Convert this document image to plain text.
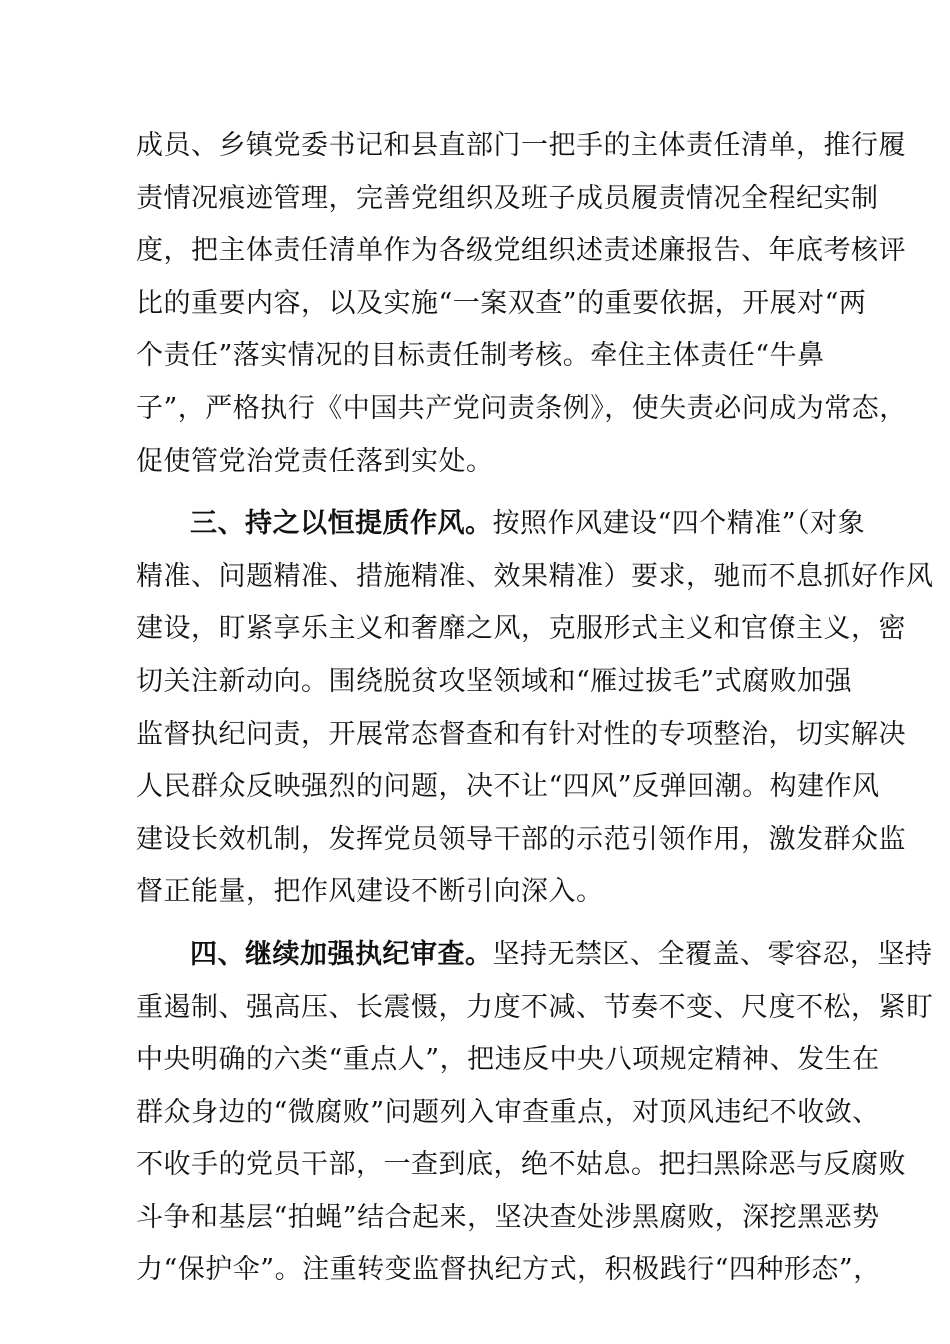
成员、乡镇党委书记和县直部门一把手的主体责任清单，推行履
责情况痕迹管理，完善党组织及班子成员履责情况全程纪实制
度，把主体责任清单作为各级党组织述责述廉报告、年底考核评
比的重要内容，以及实施“一案双查”的重要依据，开展对“两
个责任”落实情况的目标责任制考核。牵住主体责任“牛鼻
子”，严格执行《中国共产党问责条例》，使失责必问成为常态，
促使管党治党责任落到实处。
三、持之以恒提质作风。按照作风建设“四个精准”（对象
精准、问题精准、措施精准、效果精准）要求，驰而不息抓好作风
建设，盯紧享乐主义和奢靡之风，克服形式主义和官僚主义，密
切关注新动向。围绕脱贫攻坚领域和“雁过拔毛”式腐败加强
监督执纪问责，开展常态督查和有针对性的专项整治，切实解决
人民群众反映强烈的问题，决不让“四风”反弹回潮。构建作风
建设长效机制，发挥党员领导干部的示范引领作用，激发群众监
督正能量，把作风建设不断引向深入。
四、继续加强执纪审查。坚持无禁区、全覆盖、零容忍，坚持
重遏制、强高压、长震慑，力度不减、节奏不变、尺度不松，紧盯
中央明确的六类“重点人”，把违反中央八项规定精神、发生在
群众身边的“微腐败”问题列入审查重点，对顶风违纪不收敛、
不收手的党员干部，一查到底，绝不姑息。把扫黑除恶与反腐败
斗争和基层“拍蝇”结合起来，坚决查处涉黑腐败，深挖黑恶势
力“保护伞”。注重转变监督执纪方式，积极践行“四种形态”，
